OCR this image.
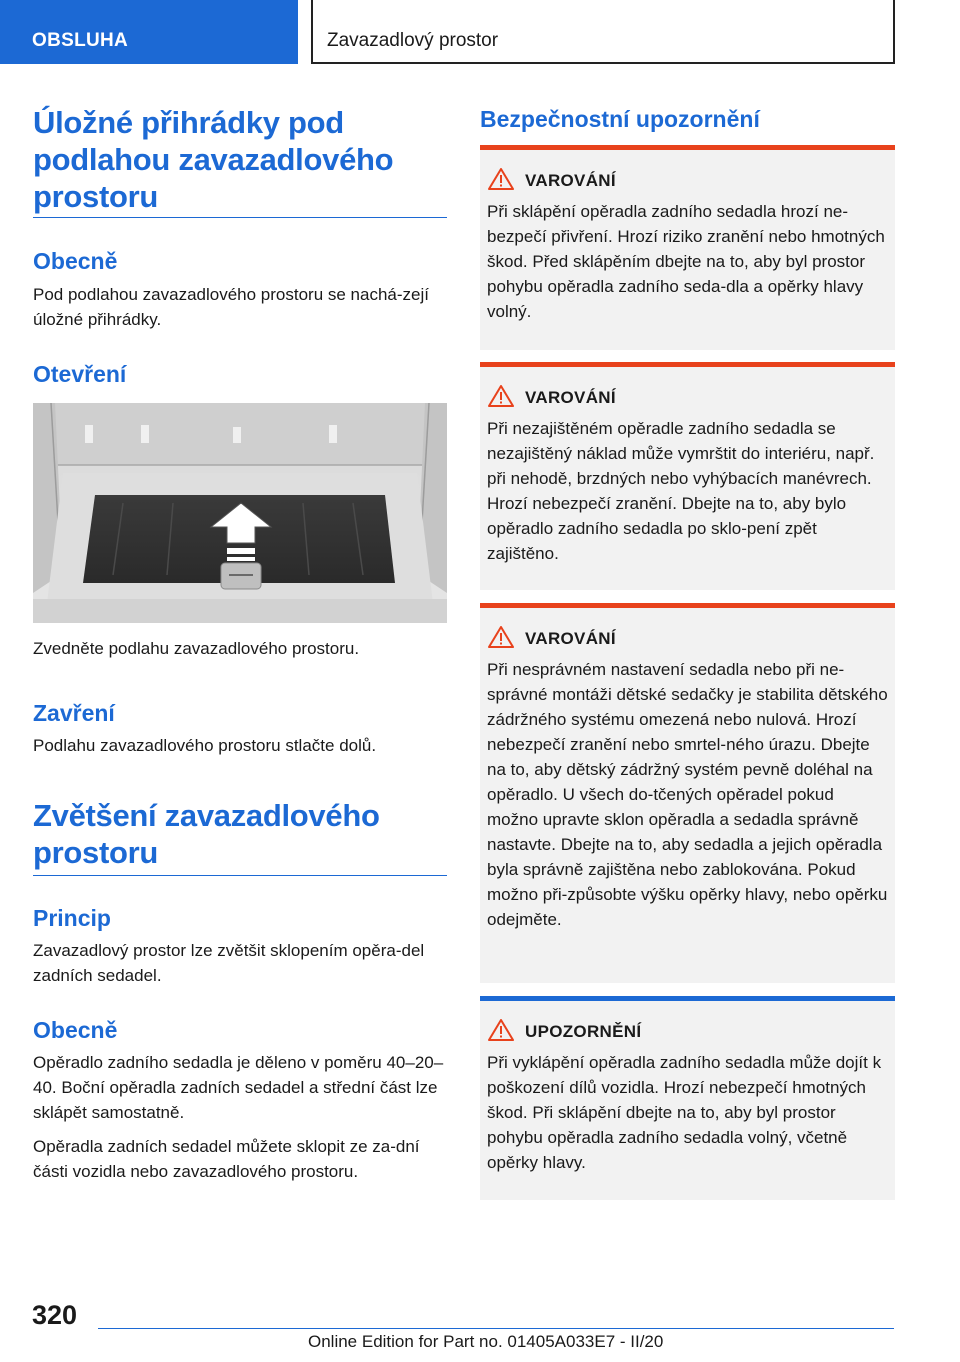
OBSLUHA	Zavazadlový prostor
Úložné přihrádky pod podlahou zavazadlového prostoru
Obecně
Pod podlahou zavazadlového prostoru se nachá-zejí úložné přihrádky.
Otevření
Zvedněte podlahu zavazadlového prostoru.
Zavření
Podlahu zavazadlového prostoru stlačte dolů.
Zvětšení zavazadlového prostoru
Princip
Zavazadlový prostor lze zvětšit sklopením opěra-del zadních sedadel.
Obecně
Opěradlo zadního sedadla je děleno v poměru 40–20–40. Boční opěradla zadních sedadel a střední část lze sklápět samostatně.
Opěradla zadních sedadel můžete sklopit ze za-dní části vozidla nebo zavazadlového prostoru.
Bezpečnostní upozornění
VAROVÁNÍ
Při sklápění opěradla zadního sedadla hrozí ne-bezpečí přivření. Hrozí riziko zranění nebo hmotných škod. Před sklápěním dbejte na to, aby byl prostor pohybu opěradla zadního seda-dla a opěrky hlavy volný.
VAROVÁNÍ
Při nezajištěném opěradle zadního sedadla se nezajištěný náklad může vymrštit do interiéru, např. při nehodě, brzdných nebo vyhýbacích manévrech. Hrozí nebezpečí zranění. Dbejte na to, aby bylo opěradlo zadního sedadla po sklo-pení zpět zajištěno.
VAROVÁNÍ
Při nesprávném nastavení sedadla nebo při ne-správné montáži dětské sedačky je stabilita dětského zádržného systému omezená nebo nulová. Hrozí nebezpečí zranění nebo smrtel-ného úrazu. Dbejte na to, aby dětský zádržný systém pevně doléhal na opěradlo. U všech do-tčených opěradel pokud možno upravte sklon opěradla a sedadla správně nastavte. Dbejte na to, aby sedadla a jejich opěradla byla správně zajištěna nebo zablokována. Pokud možno při-způsobte výšku opěrky hlavy, nebo opěrku odejměte.
UPOZORNĚNÍ
Při vyklápění opěradla zadního sedadla může dojít k poškození dílů vozidla. Hrozí nebezpečí hmotných škod. Při sklápění dbejte na to, aby byl prostor pohybu opěradla zadního sedadla volný, včetně opěrky hlavy.
320
Online Edition for Part no. 01405A033E7 - II/20
